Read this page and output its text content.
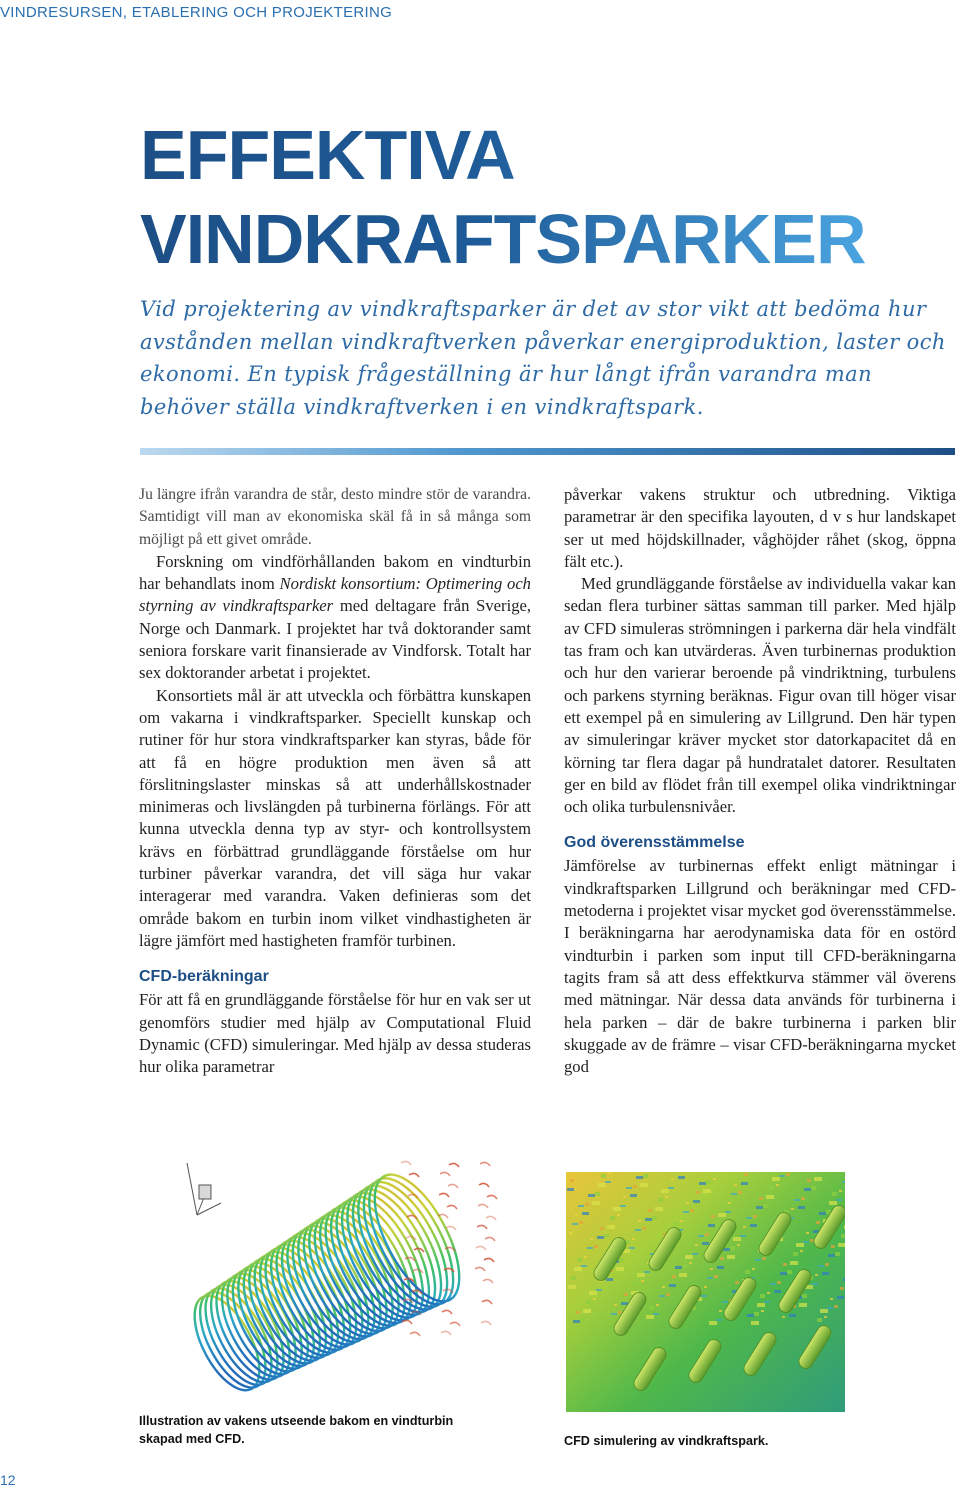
VINDRESURSEN, ETABLERING OCH PROJEKTERING
EFFEKTIVA
VINDKRAFTSPARKER

Vid projektering av vindkraftsparker är det av stor vikt att bedöma hur avstånden mellan vindkraftverken påverkar energiproduktion, laster och ekonomi. En typisk frågeställning är hur långt ifrån varandra man behöver ställa vindkraftverken i en vindkraftspark.

Ju längre ifrån varandra de står, desto mindre stör de varandra. Samtidigt vill man av ekonomiska skäl få in så många som möjligt på ett givet område.

Forskning om vindförhållanden bakom en vindturbin har behandlats inom Nordiskt konsortium: Optimering och styrning av vindkraftsparker med deltagare från Sverige, Norge och Danmark. I projektet har två doktorander samt seniora forskare varit finansierade av Vindforsk. Totalt har sex doktorander arbetat i projektet.

Konsortiets mål är att utveckla och förbättra kunskapen om vakarna i vindkraftsparker. Speciellt kunskap och rutiner för hur stora vindkraftsparker kan styras, både för att få en högre produktion men även så att förslitningslaster minskas så att underhållskostnader minimeras och livslängden på turbinerna förlängs. För att kunna utveckla denna typ av styr- och kontrollsystem krävs en förbättrad grundläggande förståelse om hur turbiner påverkar varandra, det vill säga hur vakar interagerar med varandra. Vaken definieras som det område bakom en turbin inom vilket vindhastigheten är lägre jämfört med hastigheten framför turbinen.

CFD-beräkningar

För att få en grundläggande förståelse för hur en vak ser ut genomförs studier med hjälp av Computational Fluid Dynamic (CFD) simuleringar. Med hjälp av dessa studeras hur olika parametrar

påverkar vakens struktur och utbredning. Viktiga parametrar är den specifika layouten, d v s hur landskapet ser ut med höjdskillnader, våghöjder råhet (skog, öppna fält etc.).

Med grundläggande förståelse av individuella vakar kan sedan flera turbiner sättas samman till parker. Med hjälp av CFD simuleras strömningen i parkerna där hela vindfält tas fram och kan utvärderas. Även turbinernas produktion och hur den varierar beroende på vindriktning, turbulens och parkens styrning beräknas. Figur ovan till höger visar ett exempel på en simulering av Lillgrund. Den här typen av simuleringar kräver mycket stor datorkapacitet då en körning tar flera dagar på hundratalet datorer. Resultaten ger en bild av flödet från till exempel olika vindriktningar och olika turbulensnivåer.

God överensstämmelse

Jämförelse av turbinernas effekt enligt mätningar i vindkraftsparken Lillgrund och beräkningar med CFD-metoderna i projektet visar mycket god överensstämmelse. I beräkningarna har aerodynamiska data för en ostörd vindturbin i parken som input till CFD-beräkningarna tagits fram så att dess effektkurva stämmer väl överens med mätningar. När dessa data används för turbinerna i hela parken – där de bakre turbinerna i parken blir skuggade av de främre – visar CFD-beräkningarna mycket god

Illustration av vakens utseende bakom en vindturbin skapad med CFD.	CFD simulering av vindkraftspark.
12
